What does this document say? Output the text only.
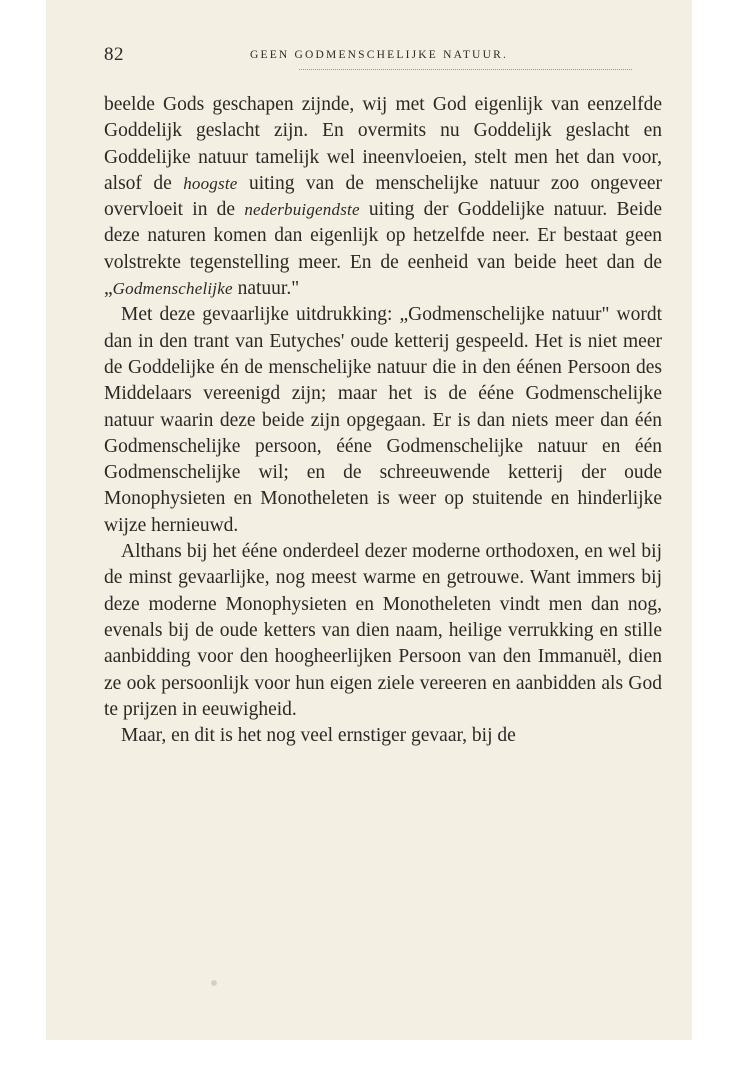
82	GEEN GODMENSCHELIJKE NATUUR.

beelde Gods geschapen zijnde, wij met God eigenlijk van eenzelfde Goddelijk geslacht zijn. En overmits nu Goddelijk geslacht en Goddelijke natuur tamelijk wel ineenvloeien, stelt men het dan voor, alsof de hoogste uiting van de menschelijke natuur zoo ongeveer overvloeit in de nederbuigendste uiting der Goddelijke natuur. Beide deze naturen komen dan eigenlijk op hetzelfde neer. Er bestaat geen volstrekte tegenstelling meer. En de eenheid van beide heet dan de „Godmenschelijke natuur."

Met deze gevaarlijke uitdrukking: „Godmenschelijke natuur" wordt dan in den trant van Eutyches' oude ketterij gespeeld. Het is niet meer de Goddelijke én de menschelijke natuur die in den éénen Persoon des Middelaars vereenigd zijn; maar het is de ééne Godmenschelijke natuur waarin deze beide zijn opgegaan. Er is dan niets meer dan één Godmenschelijke persoon, ééne Godmenschelijke natuur en één Godmenschelijke wil; en de schreeuwende ketterij der oude Monophysieten en Monotheleten is weer op stuitende en hinderlijke wijze hernieuwd.

Althans bij het ééne onderdeel dezer moderne orthodoxen, en wel bij de minst gevaarlijke, nog meest warme en getrouwe. Want immers bij deze moderne Monophysieten en Monotheleten vindt men dan nog, evenals bij de oude ketters van dien naam, heilige verrukking en stille aanbidding voor den hoogheerlijken Persoon van den Immanuël, dien ze ook persoonlijk voor hun eigen ziele vereeren en aanbidden als God te prijzen in eeuwigheid.

Maar, en dit is het nog veel ernstiger gevaar, bij de
